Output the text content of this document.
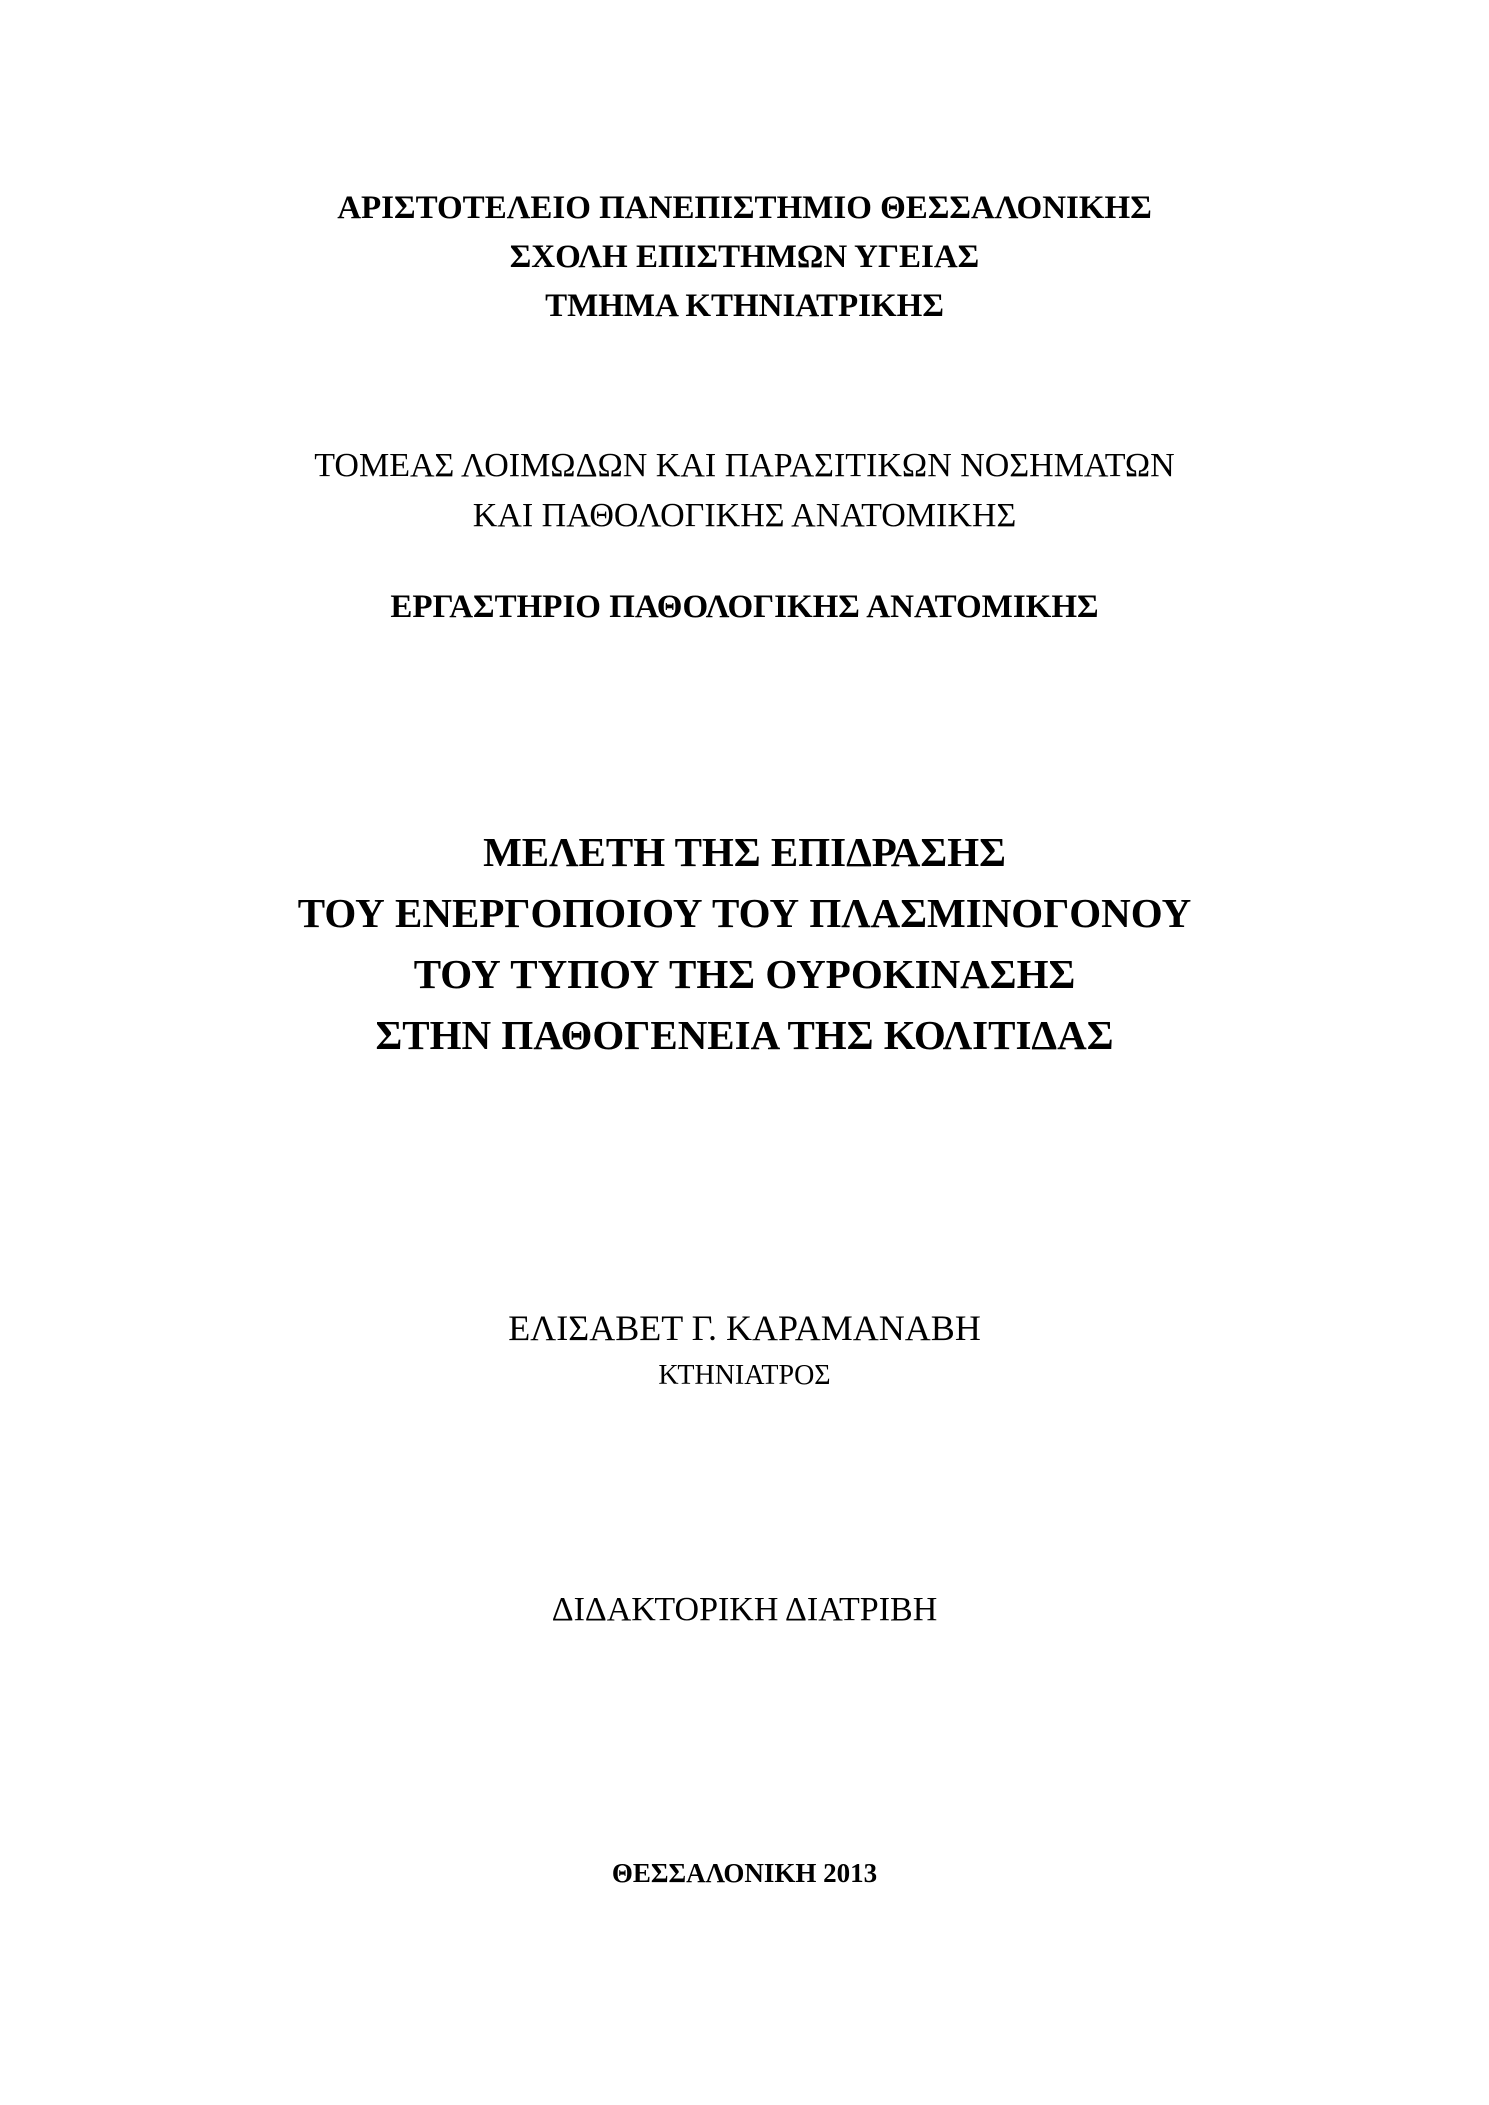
ΑΡΙΣΤΟΤΕΛΕΙΟ ΠΑΝΕΠΙΣΤΗΜΙΟ ΘΕΣΣΑΛΟΝΙΚΗΣ
ΣΧΟΛΗ ΕΠΙΣΤΗΜΩΝ ΥΓΕΙΑΣ
ΤΜΗΜΑ ΚΤΗΝΙΑΤΡΙΚΗΣ
ΤΟΜΕΑΣ ΛΟΙΜΩΔΩΝ ΚΑΙ ΠΑΡΑΣΙΤΙΚΩΝ ΝΟΣΗΜΑΤΩΝ
ΚΑΙ ΠΑΘΟΛΟΓΙΚΗΣ ΑΝΑΤΟΜΙΚΗΣ
ΕΡΓΑΣΤΗΡΙΟ ΠΑΘΟΛΟΓΙΚΗΣ ΑΝΑΤΟΜΙΚΗΣ
ΜΕΛΕΤΗ ΤΗΣ ΕΠΙΔΡΑΣΗΣ
ΤΟΥ ΕΝΕΡΓΟΠΟΙΟΥ ΤΟΥ ΠΛΑΣΜΙΝΟΓΟΝΟΥ
ΤΟΥ ΤΥΠΟΥ ΤΗΣ ΟΥΡΟΚΙΝΑΣΗΣ
ΣΤΗΝ ΠΑΘΟΓΕΝΕΙΑ ΤΗΣ ΚΟΛΙΤΙΔΑΣ
ΕΛΙΣΑΒΕΤ Γ. ΚΑΡΑΜΑΝΑΒΗ
ΚΤΗΝΙΑΤΡΟΣ
ΔΙΔΑΚΤΟΡΙΚΗ ΔΙΑΤΡΙΒΗ
ΘΕΣΣΑΛΟΝΙΚΗ 2013
